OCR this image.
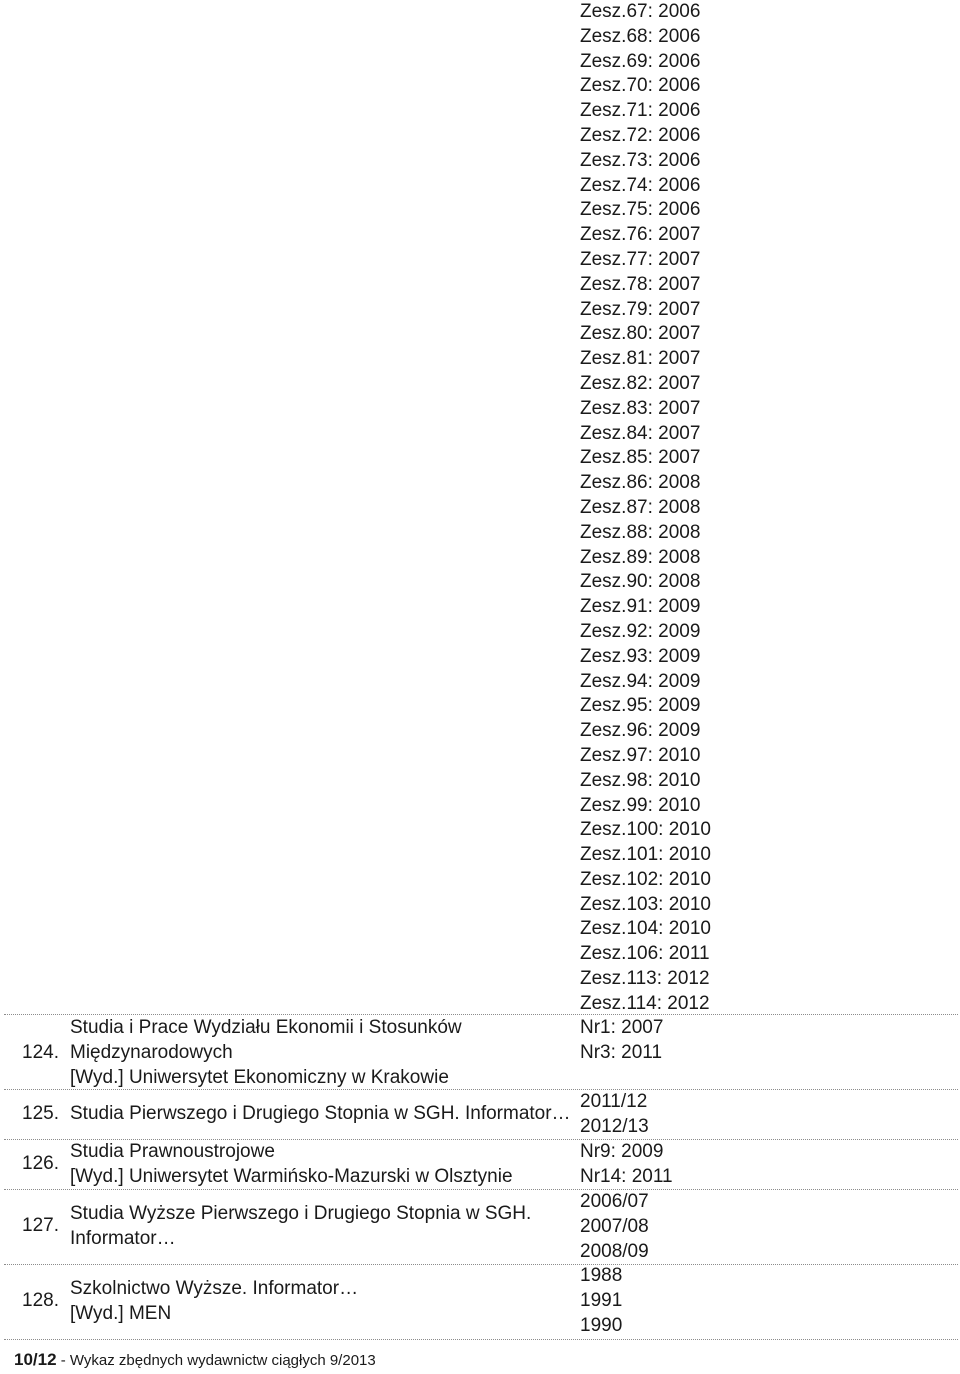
Zesz.67: 2006
Zesz.68: 2006
Zesz.69: 2006
Zesz.70: 2006
Zesz.71: 2006
Zesz.72: 2006
Zesz.73: 2006
Zesz.74: 2006
Zesz.75: 2006
Zesz.76: 2007
Zesz.77: 2007
Zesz.78: 2007
Zesz.79: 2007
Zesz.80: 2007
Zesz.81: 2007
Zesz.82: 2007
Zesz.83: 2007
Zesz.84: 2007
Zesz.85: 2007
Zesz.86: 2008
Zesz.87: 2008
Zesz.88: 2008
Zesz.89: 2008
Zesz.90: 2008
Zesz.91: 2009
Zesz.92: 2009
Zesz.93: 2009
Zesz.94: 2009
Zesz.95: 2009
Zesz.96: 2009
Zesz.97: 2010
Zesz.98: 2010
Zesz.99: 2010
Zesz.100: 2010
Zesz.101: 2010
Zesz.102: 2010
Zesz.103: 2010
Zesz.104: 2010
Zesz.106: 2011
Zesz.113: 2012
Zesz.114: 2012
124.
Studia i Prace Wydziału Ekonomii i Stosunków
Międzynarodowych
[Wyd.] Uniwersytet Ekonomiczny w Krakowie
Nr1: 2007
Nr3: 2011
125. Studia Pierwszego i Drugiego Stopnia w SGH. Informator…
2011/12
2012/13
126.
Studia Prawnoustrojowe
[Wyd.] Uniwersytet Warmińsko-Mazurski w Olsztynie
Nr9: 2009
Nr14: 2011
127.
Studia Wyższe Pierwszego i Drugiego Stopnia w SGH.
Informator…
2006/07
2007/08
2008/09
128.
Szkolnictwo Wyższe. Informator…
[Wyd.] MEN
1988
1991
1990
10/12 - Wykaz zbędnych wydawnictw ciągłych 9/2013
